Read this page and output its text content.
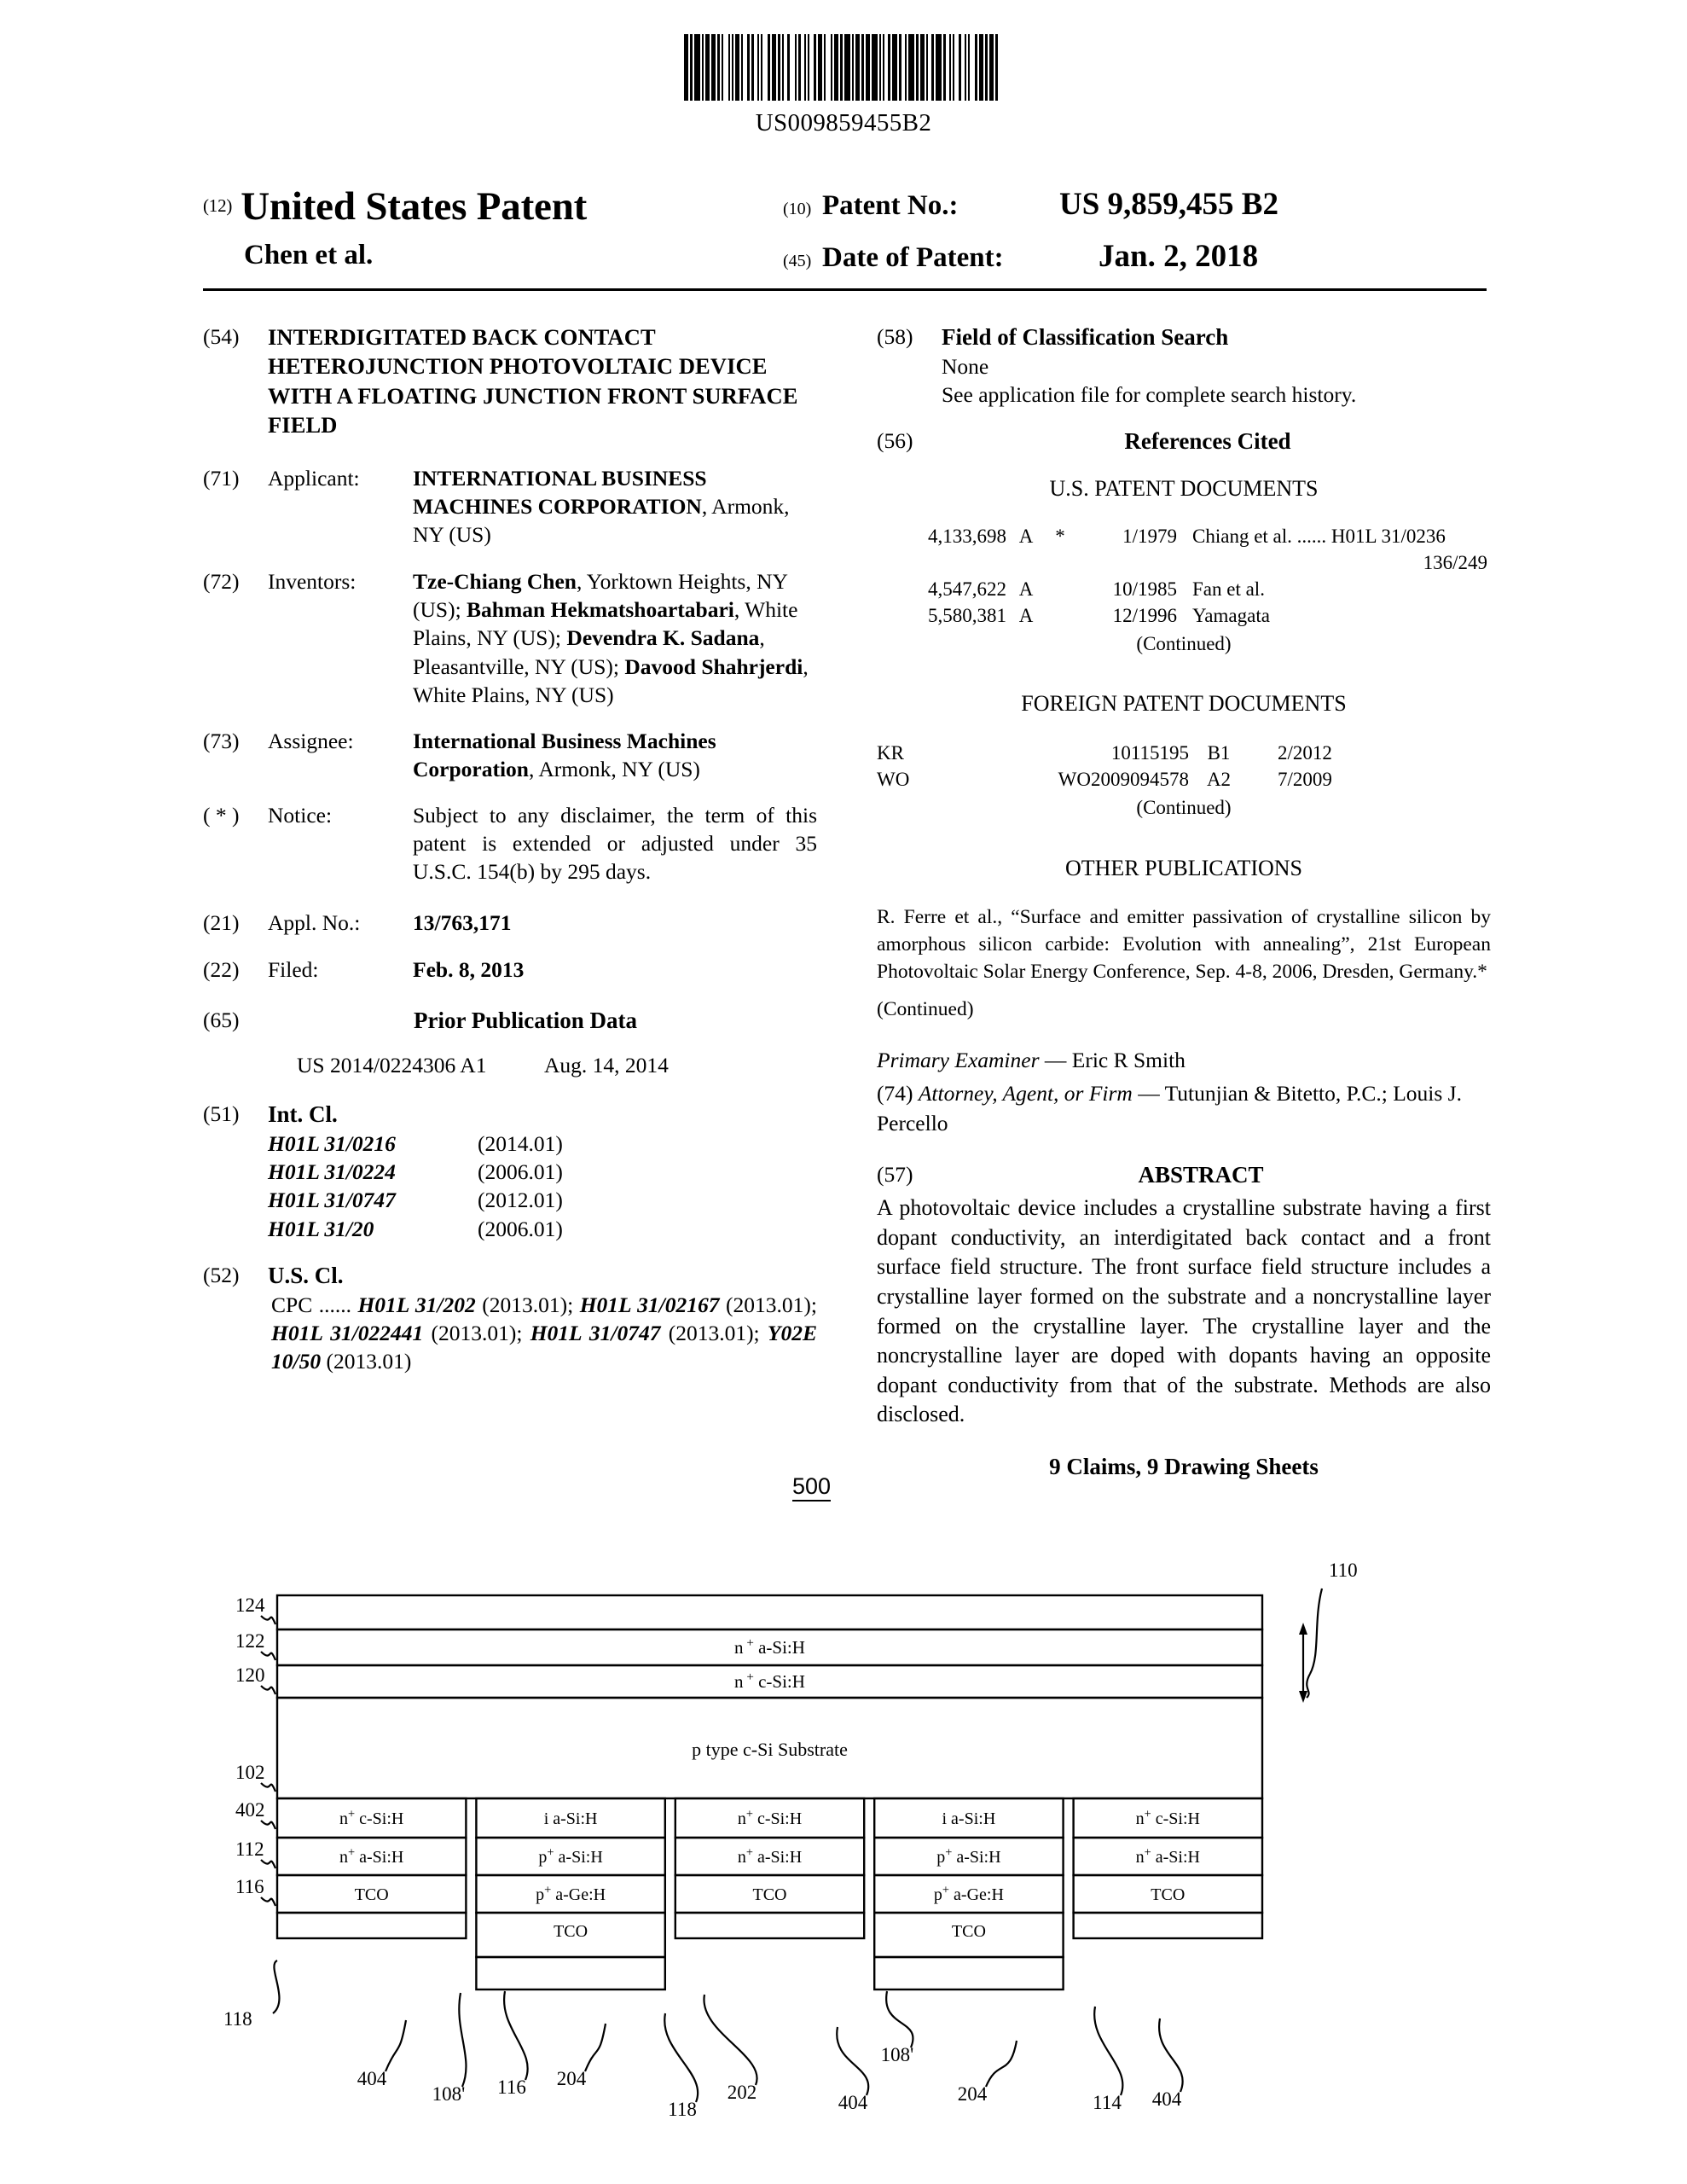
US009859455B2
(12) United States Patent
Chen et al.
(10) Patent No.:	US 9,859,455 B2
(45) Date of Patent:	Jan. 2, 2018
(54)	INTERDIGITATED BACK CONTACT HETEROJUNCTION PHOTOVOLTAIC DEVICE WITH A FLOATING JUNCTION FRONT SURFACE FIELD
(71)	Applicant:	INTERNATIONAL BUSINESS MACHINES CORPORATION, Armonk, NY (US)
(72)	Inventors:	Tze-Chiang Chen, Yorktown Heights, NY (US); Bahman Hekmatshoartabari, White Plains, NY (US); Devendra K. Sadana, Pleasantville, NY (US); Davood Shahrjerdi, White Plains, NY (US)
(73)	Assignee:	International Business Machines Corporation, Armonk, NY (US)
( * )	Notice:	Subject to any disclaimer, the term of this patent is extended or adjusted under 35 U.S.C. 154(b) by 295 days.
(21)	Appl. No.:	13/763,171
(22)	Filed:	Feb. 8, 2013
(65)	Prior Publication Data
US 2014/0224306 A1	Aug. 14, 2014
(51)	Int. Cl.
H01L 31/0216	(2014.01)
H01L 31/0224	(2006.01)
H01L 31/0747	(2012.01)
H01L 31/20	(2006.01)
(52)	U.S. Cl.
CPC ...... H01L 31/202 (2013.01); H01L 31/02167 (2013.01); H01L 31/022441 (2013.01); H01L 31/0747 (2013.01); Y02E 10/50 (2013.01)
(58)	Field of Classification Search
None
See application file for complete search history.
(56)	References Cited
U.S. PATENT DOCUMENTS
4,133,698 A	*	1/1979 Chiang et al. ...... H01L 31/0236
136/249
4,547,622 A	10/1985 Fan et al.
5,580,381 A	12/1996 Yamagata
(Continued)
FOREIGN PATENT DOCUMENTS
KR	10115195 B1	2/2012
WO	WO2009094578 A2	7/2009
(Continued)
OTHER PUBLICATIONS
R. Ferre et al., “Surface and emitter passivation of crystalline silicon by amorphous silicon carbide: Evolution with annealing”, 21st European Photovoltaic Solar Energy Conference, Sep. 4-8, 2006, Dresden, Germany.*
(Continued)
Primary Examiner — Eric R Smith
(74) Attorney, Agent, or Firm — Tutunjian & Bitetto, P.C.; Louis J. Percello
(57)	ABSTRACT
A photovoltaic device includes a crystalline substrate having a first dopant conductivity, an interdigitated back contact and a front surface field structure. The front surface field structure includes a crystalline layer formed on the substrate and a noncrystalline layer formed on the crystalline layer. The crystalline layer and the noncrystalline layer are doped with dopants having an opposite dopant conductivity from that of the substrate. Methods are also disclosed.
9 Claims, 9 Drawing Sheets
500
n + a-Si:H
n + c-Si:H
p type c-Si Substrate
n+ c-Si:H
n+ a-Si:H
TCO
i a-Si:H
p+ a-Si:H
p+ a-Ge:H
TCO
n+ c-Si:H
n+ a-Si:H
TCO
i a-Si:H
p+ a-Si:H
p+ a-Ge:H
TCO
n+ c-Si:H
n+ a-Si:H
TCO
124
122
120
102
402
112
116
118
110
404
108' 116 204
118
202	404
108'
204	114 404
